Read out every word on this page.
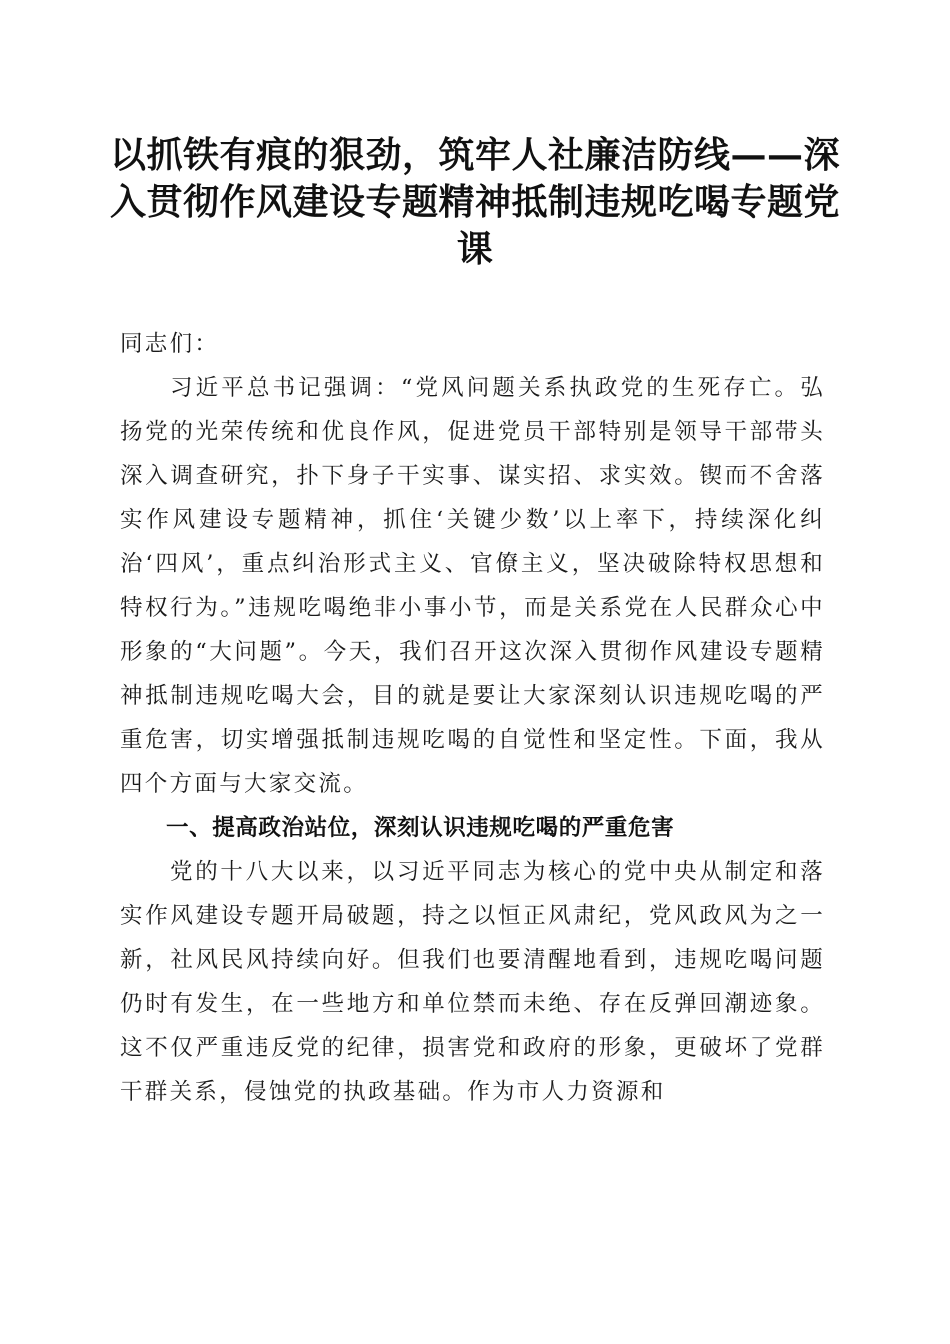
以抓铁有痕的狠劲，筑牢人社廉洁防线——深入贯彻作风建设专题精神抵制违规吃喝专题党课

同志们：

习近平总书记强调：“党风问题关系执政党的生死存亡。弘扬党的光荣传统和优良作风，促进党员干部特别是领导干部带头深入调查研究，扑下身子干实事、谋实招、求实效。锲而不舍落实作风建设专题精神，抓住‘关键少数’以上率下，持续深化纠治‘四风’，重点纠治形式主义、官僚主义，坚决破除特权思想和特权行为。”违规吃喝绝非小事小节，而是关系党在人民群众心中形象的“大问题”。今天，我们召开这次深入贯彻作风建设专题精神抵制违规吃喝大会，目的就是要让大家深刻认识违规吃喝的严重危害，切实增强抵制违规吃喝的自觉性和坚定性。下面，我从四个方面与大家交流。

一、提高政治站位，深刻认识违规吃喝的严重危害

党的十八大以来，以习近平同志为核心的党中央从制定和落实作风建设专题开局破题，持之以恒正风肃纪，党风政风为之一新，社风民风持续向好。但我们也要清醒地看到，违规吃喝问题仍时有发生，在一些地方和单位禁而未绝、存在反弹回潮迹象。这不仅严重违反党的纪律，损害党和政府的形象，更破坏了党群干群关系，侵蚀党的执政基础。作为市人力资源和
